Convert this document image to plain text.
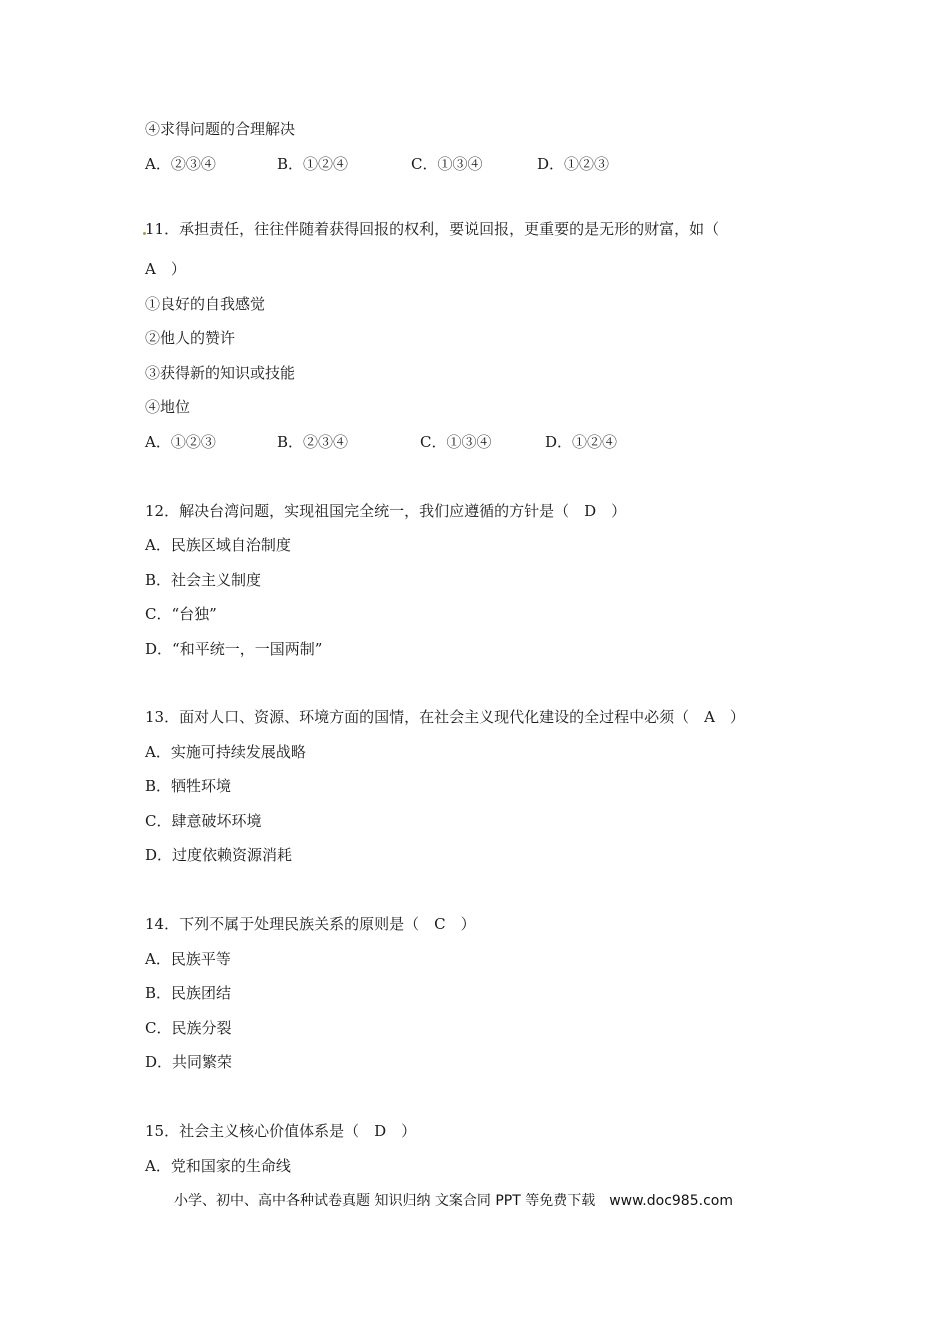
④求得问题的合理解决
A．②③④	B．①②④	C．①③④	D．①②③
11．承担责任，往往伴随着获得回报的权利，要说回报，更重要的是无形的财富，如（
A　）
①良好的自我感觉
②他人的赞许
③获得新的知识或技能
④地位
A．①②③	B．②③④	C．①③④	D．①②④
12．解决台湾问题，实现祖国完全统一，我们应遵循的方针是（　D　）
A．民族区域自治制度
B．社会主义制度
C．“台独”
D．“和平统一，一国两制”
13．面对人口、资源、环境方面的国情，在社会主义现代化建设的全过程中必须（　A　）
A．实施可持续发展战略
B．牺牲环境
C．肆意破坏环境
D．过度依赖资源消耗
14．下列不属于处理民族关系的原则是（　C　）
A．民族平等
B．民族团结
C．民族分裂
D．共同繁荣
15．社会主义核心价值体系是（　D　）
A．党和国家的生命线
小学、初中、高中各种试卷真题 知识归纳 文案合同 PPT 等免费下载　www.doc985.com
